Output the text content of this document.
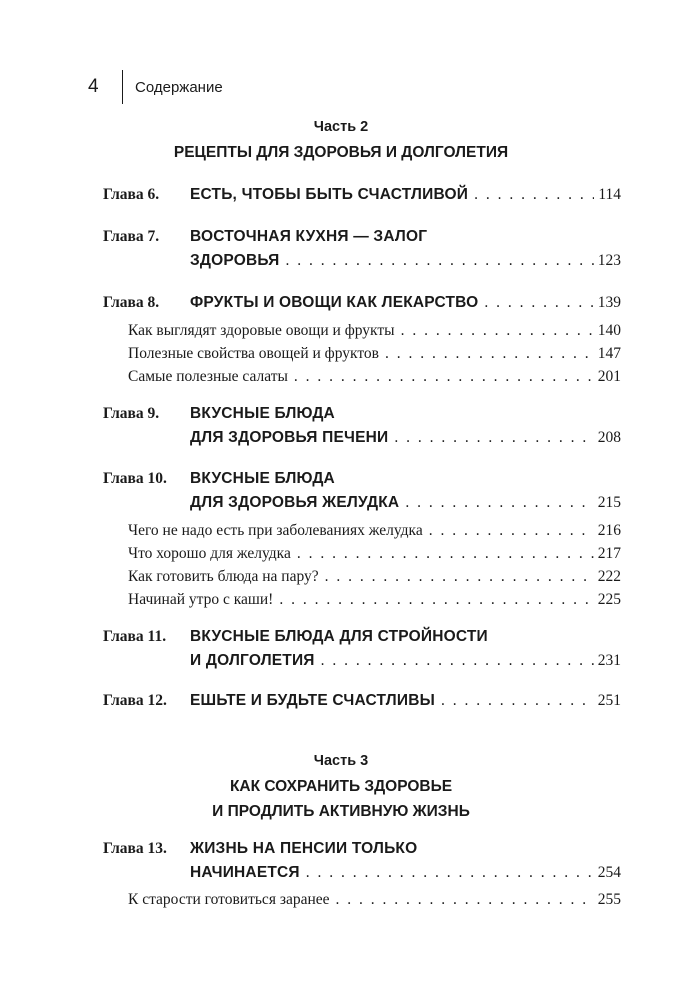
4	Содержание
Часть 2
РЕЦЕПТЫ ДЛЯ ЗДОРОВЬЯ И ДОЛГОЛЕТИЯ
Глава 6.	ЕСТЬ, ЧТОБЫ БЫТЬ СЧАСТЛИВОЙ . . .	114
Глава 7.	ВОСТОЧНАЯ КУХНЯ — ЗАЛОГ
ЗДОРОВЬЯ . . .	123
Глава 8.	ФРУКТЫ И ОВОЩИ КАК ЛЕКАРСТВО . . .	139
Как выглядят здоровые овощи и фрукты . . .	140
Полезные свойства овощей и фруктов . . .	147
Самые полезные салаты . . .	201
Глава 9.	ВКУСНЫЕ БЛЮДА
ДЛЯ ЗДОРОВЬЯ ПЕЧЕНИ . . .	208
Глава 10.	ВКУСНЫЕ БЛЮДА
ДЛЯ ЗДОРОВЬЯ ЖЕЛУДКА . . .	215
Чего не надо есть при заболеваниях желудка . . .	216
Что хорошо для желудка . . .	217
Как готовить блюда на пару? . . .	222
Начинай утро с каши! . . .	225
Глава 11.	ВКУСНЫЕ БЛЮДА ДЛЯ СТРОЙНОСТИ
И ДОЛГОЛЕТИЯ . . .	231
Глава 12.	ЕШЬТЕ И БУДЬТЕ СЧАСТЛИВЫ . . .	251
Часть 3
КАК СОХРАНИТЬ ЗДОРОВЬЕ
И ПРОДЛИТЬ АКТИВНУЮ ЖИЗНЬ
Глава 13.	ЖИЗНЬ НА ПЕНСИИ ТОЛЬКО
НАЧИНАЕТСЯ . . .	254
К старости готовиться заранее . . .	255
